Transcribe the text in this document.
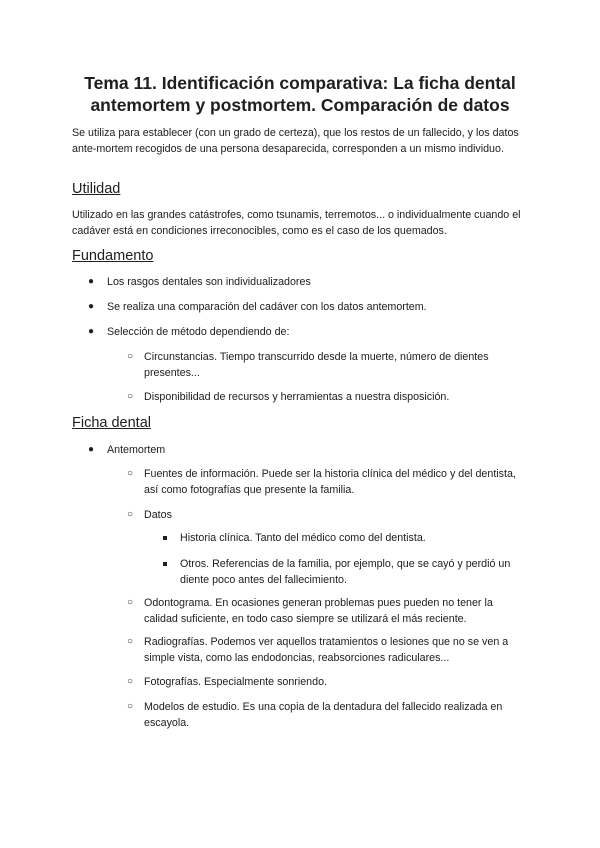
Tema 11. Identificación comparativa: La ficha dental
antemortem y postmortem. Comparación de datos

Se utiliza para establecer (con un grado de certeza), que los restos de un fallecido, y los datos ante-mortem recogidos de una persona desaparecida, corresponden a un mismo individuo.

Utilidad

Utilizado en las grandes catástrofes, como tsunamis, terremotos... o individualmente cuando el cadáver está en condiciones irreconocibles, como es el caso de los quemados.

Fundamento
● Los rasgos dentales son individualizadores
● Se realiza una comparación del cadáver con los datos antemortem.
● Selección de método dependiendo de:
○ Circunstancias. Tiempo transcurrido desde la muerte, número de dientes presentes...
○ Disponibilidad de recursos y herramientas a nuestra disposición.
Ficha dental
● Antemortem
○ Fuentes de información. Puede ser la historia clínica del médico y del dentista, así como fotografías que presente la familia.
○ Datos
Historia clínica. Tanto del médico como del dentista.
Otros. Referencias de la familia, por ejemplo, que se cayó y perdió un diente poco antes del fallecimiento.
○ Odontograma. En ocasiones generan problemas pues pueden no tener la calidad suficiente, en todo caso siempre se utilizará el más reciente.
○ Radiografías. Podemos ver aquellos tratamientos o lesiones que no se ven a simple vista, como las endodoncias, reabsorciones radiculares...
○ Fotografías. Especialmente sonriendo.
○ Modelos de estudio. Es una copia de la dentadura del fallecido realizada en escayola.
